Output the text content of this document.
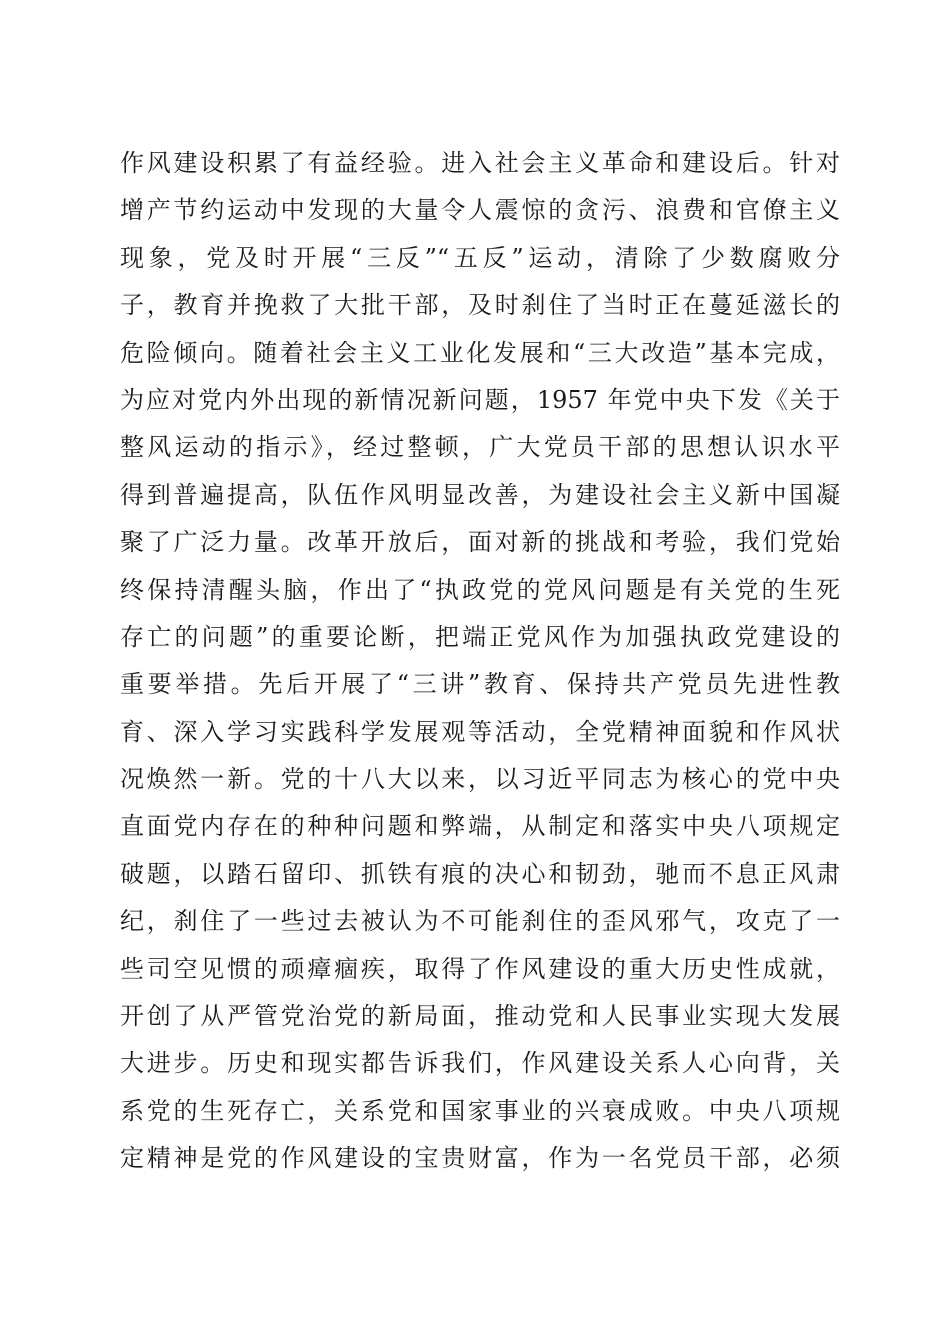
作风建设积累了有益经验。进入社会主义革命和建设后。针对
增产节约运动中发现的大量令人震惊的贪污、浪费和官僚主义
现象，党及时开展“三反”“五反”运动，清除了少数腐败分
子，教育并挽救了大批干部，及时刹住了当时正在蔓延滋长的
危险倾向。随着社会主义工业化发展和“三大改造”基本完成，
为应对党内外出现的新情况新问题，1957 年党中央下发《关于
整风运动的指示》，经过整顿，广大党员干部的思想认识水平
得到普遍提高，队伍作风明显改善，为建设社会主义新中国凝
聚了广泛力量。改革开放后，面对新的挑战和考验，我们党始
终保持清醒头脑，作出了“执政党的党风问题是有关党的生死
存亡的问题”的重要论断，把端正党风作为加强执政党建设的
重要举措。先后开展了“三讲”教育、保持共产党员先进性教
育、深入学习实践科学发展观等活动，全党精神面貌和作风状
况焕然一新。党的十八大以来，以习近平同志为核心的党中央
直面党内存在的种种问题和弊端，从制定和落实中央八项规定
破题，以踏石留印、抓铁有痕的决心和韧劲，驰而不息正风肃
纪，刹住了一些过去被认为不可能刹住的歪风邪气，攻克了一
些司空见惯的顽瘴痼疾，取得了作风建设的重大历史性成就，
开创了从严管党治党的新局面，推动党和人民事业实现大发展
大进步。历史和现实都告诉我们，作风建设关系人心向背，关
系党的生死存亡，关系党和国家事业的兴衰成败。中央八项规
定精神是党的作风建设的宝贵财富，作为一名党员干部，必须
